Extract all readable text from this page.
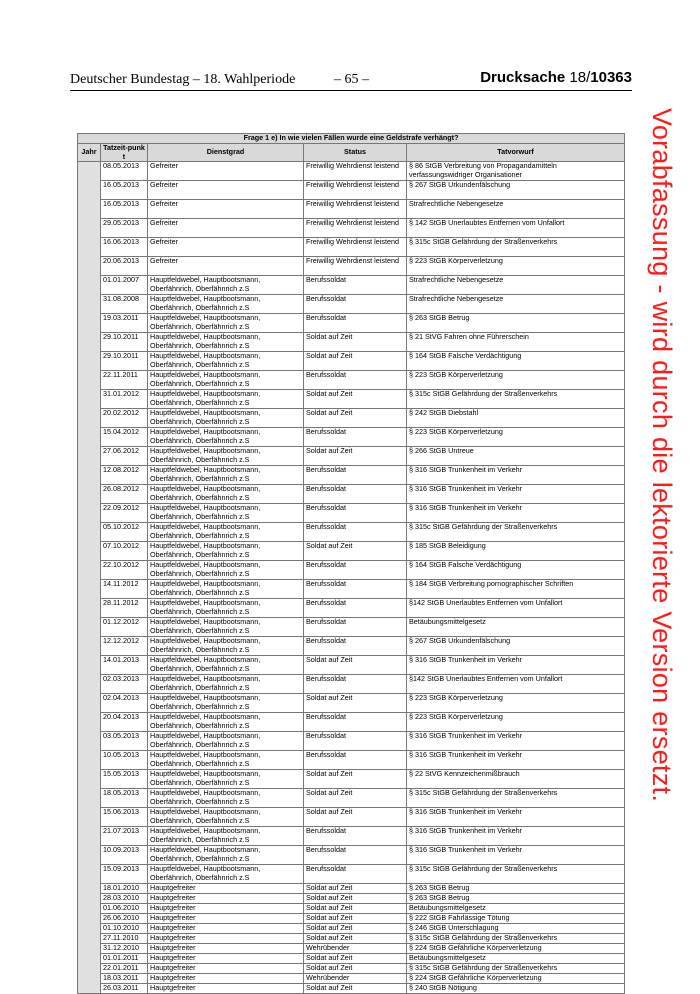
Deutscher Bundestag – 18. Wahlperiode	– 65 –	Drucksache 18/10363
Vorabfassung - wird durch die lektorierte Version ersetzt.
Frage 1 e) In wie vielen Fällen wurde eine Geldstrafe verhängt?				
Jahr	Tatzeit-punkt	Dienstgrad	Status	Tatvorwurf
	08.05.2013	Gefreiter	Freiwillig Wehrdienst leistend	§ 86 StGB Verbreitung von Propagandamitteln
verfassungswidriger Organisationer
	16.05.2013	Gefreiter	Freiwillig Wehrdienst leistend	§ 267 StGB Urkundenfälschung

	16.05.2013	Gefreiter	Freiwillig Wehrdienst leistend	Strafrechtliche Nebengesetze

	29.05.2013	Gefreiter	Freiwillig Wehrdienst leistend	§ 142 StGB Unerlaubtes Entfernen vom Unfallort

	16.06.2013	Gefreiter	Freiwillig Wehrdienst leistend	§ 315c StGB Gefährdung der Straßenverkehrs

	20.06.2013	Gefreiter	Freiwillig Wehrdienst leistend	§ 223 StGB Körperverletzung

	01.01.2007	Hauptfeldwebel, Hauptbootsmann,
Oberfähnrich, Oberfähnrich z.S	Berufssoldat	Strafrechtliche Nebengesetze

	31.08.2008	Hauptfeldwebel, Hauptbootsmann,
Oberfähnrich, Oberfähnrich z.S	Berufssoldat	Strafrechtliche Nebengesetze

	19.03.2011	Hauptfeldwebel, Hauptbootsmann,
Oberfähnrich, Oberfähnrich z.S	Berufssoldat	§ 263 StGB Betrug

	29.10.2011	Hauptfeldwebel, Hauptbootsmann,
Oberfähnrich, Oberfähnrich z.S	Soldat auf Zeit	§ 21 StVG Fahren ohne Führerschein

	29.10.2011	Hauptfeldwebel, Hauptbootsmann,
Oberfähnrich, Oberfähnrich z.S	Soldat auf Zeit	§ 164 StGB Falsche Verdächtigung

	22.11.2011	Hauptfeldwebel, Hauptbootsmann,
Oberfähnrich, Oberfähnrich z.S	Berufssoldat	§ 223 StGB Körperverletzung

	31.01.2012	Hauptfeldwebel, Hauptbootsmann,
Oberfähnrich, Oberfähnrich z.S	Soldat auf Zeit	§ 315c StGB Gefährdung der Straßenverkehrs

	20.02.2012	Hauptfeldwebel, Hauptbootsmann,
Oberfähnrich, Oberfähnrich z.S	Soldat auf Zeit	§ 242 StGB Diebstahl

	15.04.2012	Hauptfeldwebel, Hauptbootsmann,
Oberfähnrich, Oberfähnrich z.S	Berufssoldat	§ 223 StGB Körperverletzung

	27.06.2012	Hauptfeldwebel, Hauptbootsmann,
Oberfähnrich, Oberfähnrich z.S	Soldat auf Zeit	§ 266 StGB Untreue

	12.08.2012	Hauptfeldwebel, Hauptbootsmann,
Oberfähnrich, Oberfähnrich z.S	Berufssoldat	§ 316 StGB Trunkenheit im Verkehr

	26.08.2012	Hauptfeldwebel, Hauptbootsmann,
Oberfähnrich, Oberfähnrich z.S	Berufssoldat	§ 316 StGB Trunkenheit im Verkehr

	22.09.2012	Hauptfeldwebel, Hauptbootsmann,
Oberfähnrich, Oberfähnrich z.S	Berufssoldat	§ 316 StGB Trunkenheit im Verkehr

	05.10.2012	Hauptfeldwebel, Hauptbootsmann,
Oberfähnrich, Oberfähnrich z.S	Berufssoldat	§ 315c StGB Gefährdung der Straßenverkehrs

	07.10.2012	Hauptfeldwebel, Hauptbootsmann,
Oberfähnrich, Oberfähnrich z.S	Soldat auf Zeit	§ 185 StGB Beleidigung

	22.10.2012	Hauptfeldwebel, Hauptbootsmann,
Oberfähnrich, Oberfähnrich z.S	Berufssoldat	§ 164 StGB Falsche Verdächtigung

	14.11.2012	Hauptfeldwebel, Hauptbootsmann,
Oberfähnrich, Oberfähnrich z.S	Berufssoldat	§ 184 StGB Verbreitung pornographischer Schriften

	28.11.2012	Hauptfeldwebel, Hauptbootsmann,
Oberfähnrich, Oberfähnrich z.S	Berufssoldat	§142 StGB Unerlaubtes Entfernen vom Unfallort

	01.12.2012	Hauptfeldwebel, Hauptbootsmann,
Oberfähnrich, Oberfähnrich z.S	Berufssoldat	Betäubungsmittelgesetz

	12.12.2012	Hauptfeldwebel, Hauptbootsmann,
Oberfähnrich, Oberfähnrich z.S	Berufssoldat	§ 267 StGB Urkundenfälschung

	14.01.2013	Hauptfeldwebel, Hauptbootsmann,
Oberfähnrich, Oberfähnrich z.S	Soldat auf Zeit	§ 316 StGB Trunkenheit im Verkehr

	02.03.2013	Hauptfeldwebel, Hauptbootsmann,
Oberfähnrich, Oberfähnrich z.S	Berufssoldat	§142 StGB Unerlaubtes Entfernen vom Unfallort

	02.04.2013	Hauptfeldwebel, Hauptbootsmann,
Oberfähnrich, Oberfähnrich z.S	Soldat auf Zeit	§ 223 StGB Körperverletzung

	20.04.2013	Hauptfeldwebel, Hauptbootsmann,
Oberfähnrich, Oberfähnrich z.S	Berufssoldat	§ 223 StGB Körperverletzung

	03.05.2013	Hauptfeldwebel, Hauptbootsmann,
Oberfähnrich, Oberfähnrich z.S	Berufssoldat	§ 316 StGB Trunkenheit im Verkehr

	10.05.2013	Hauptfeldwebel, Hauptbootsmann,
Oberfähnrich, Oberfähnrich z.S	Berufssoldat	§ 316 StGB Trunkenheit im Verkehr

	15.05.2013	Hauptfeldwebel, Hauptbootsmann,
Oberfähnrich, Oberfähnrich z.S	Soldat auf Zeit	§ 22 StVG Kennzeichenmißbrauch

	18.05.2013	Hauptfeldwebel, Hauptbootsmann,
Oberfähnrich, Oberfähnrich z.S	Soldat auf Zeit	§ 315c StGB Gefährdung der Straßenverkehrs

	15.06.2013	Hauptfeldwebel, Hauptbootsmann,
Oberfähnrich, Oberfähnrich z.S	Soldat auf Zeit	§ 316 StGB Trunkenheit im Verkehr

	21.07.2013	Hauptfeldwebel, Hauptbootsmann,
Oberfähnrich, Oberfähnrich z.S	Berufssoldat	§ 316 StGB Trunkenheit im Verkehr

	10.09.2013	Hauptfeldwebel, Hauptbootsmann,
Oberfähnrich, Oberfähnrich z.S	Berufssoldat	§ 316 StGB Trunkenheit im Verkehr

	15.09.2013	Hauptfeldwebel, Hauptbootsmann,
Oberfähnrich, Oberfähnrich z.S	Berufssoldat	§ 315c StGB Gefährdung der Straßenverkehrs

	18.01.2010	Hauptgefreiter	Soldat auf Zeit	§ 263 StGB Betrug

	28.03.2010	Hauptgefreiter	Soldat auf Zeit	§ 263 StGB Betrug

	01.06.2010	Hauptgefreiter	Soldat auf Zeit	Betäubungsmittelgesetz

	26.06.2010	Hauptgefreiter	Soldat auf Zeit	§ 222 StGB Fahrlässige Tötung

	01.10.2010	Hauptgefreiter	Soldat auf Zeit	§ 246 StGB Unterschlagung

	27.11.2010	Hauptgefreiter	Soldat auf Zeit	§ 315c StGB Gefährdung der Straßenverkehrs

	31.12.2010	Hauptgefreiter	Wehrübender	§ 224 StGB Gefährliche Körperverletzung

	01.01.2011	Hauptgefreiter	Soldat auf Zeit	Betäubungsmittelgesetz

	22.01.2011	Hauptgefreiter	Soldat auf Zeit	§ 315c StGB Gefährdung der Straßenverkehrs

	18.03.2011	Hauptgefreiter	Wehrübender	§ 224 StGB Gefährliche Körperverletzung

	26.03.2011	Hauptgefreiter	Soldat auf Zeit	§ 240 StGB Nötigung
